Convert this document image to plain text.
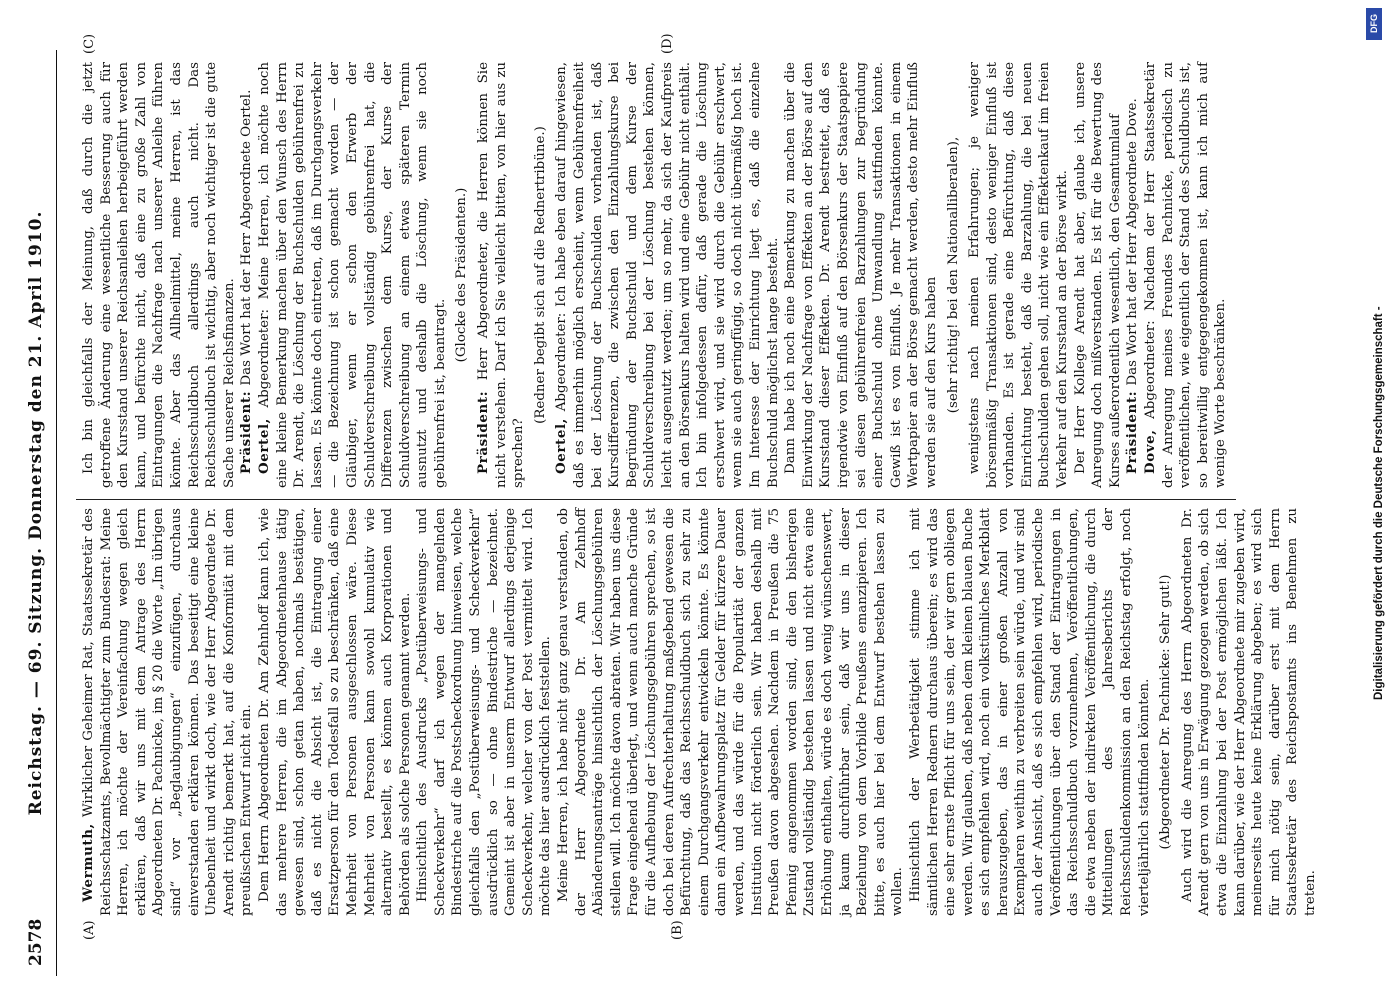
2578
Reichstag. — 69. Sitzung. Donnerstag den 21. April 1910.
(A)	(B)
(C)	(D)

Wermuth, Wirklicher Geheimer Rat, Staatssekretär des Reichsschatzamts, Bevollmächtigter zum Bundesrat: Meine Herren, ich möchte der Vereinfachung wegen gleich erklären, daß wir uns mit dem Antrage des Herrn Abgeordneten Dr. Pachnicke, im § 20 die Worte „Im übrigen sind“ vor „Beglaubigungen“ einzufügen, durchaus einverstanden erklären können. Das beseitigt eine kleine Unebenheit und wirkt doch, wie der Herr Abgeordnete Dr. Arendt richtig bemerkt hat, auf die Konformität mit dem preußischen Entwurf nicht ein. Dem Herrn Abgeordneten Dr. Am Zehnhoff kann ich, wie das mehrere Herren, die im Abgeordnetenhause tätig gewesen sind, schon getan haben, nochmals bestätigen, daß es nicht die Absicht ist, die Eintragung einer Ersatzperson für den Todesfall so zu beschränken, daß eine Mehrheit von Personen ausgeschlossen wäre. Diese Mehrheit von Personen kann sowohl kumulativ wie alternativ bestellt, es können auch Korporationen und Behörden als solche Personen genannt werden. Hinsichtlich des Ausdrucks „Postüberweisungs- und Scheckverkehr“ darf ich wegen der mangelnden Bindestriche auf die Postscheckordnung hinweisen, welche gleichfalls den „Postüberweisungs- und Scheckverkehr“ ausdrücklich so — ohne Bindestriche — bezeichnet. Gemeint ist aber in unserm Entwurf allerdings derjenige Scheckverkehr, welcher von der Post vermittelt wird. Ich möchte das hier ausdrücklich feststellen. Meine Herren, ich habe nicht ganz genau verstanden, ob der Herr Abgeordnete Dr. Am Zehnhoff Abänderungsanträge hinsichtlich der Löschungsgebühren stellen will. Ich möchte davon abraten. Wir haben uns diese Frage eingehend überlegt, und wenn auch manche Gründe für die Aufhebung der Löschungsgebühren sprechen, so ist doch bei deren Aufrechterhaltung maßgebend gewesen die Befürchtung, daß das Reichsschuldbuch sich zu sehr zu einem Durchgangsverkehr entwickeln könnte. Es könnte dann ein Aufbewahrungsplatz für Gelder für kürzere Dauer werden, und das würde für die Popularität der ganzen Institution nicht förderlich sein. Wir haben deshalb mit Preußen davon abgesehen. Nachdem in Preußen die 75 Pfennig angenommen worden sind, die den bisherigen Zustand vollständig bestehen lassen und nicht etwa eine Erhöhung enthalten, würde es doch wenig wünschenswert, ja kaum durchführbar sein, daß wir uns in dieser Beziehung von dem Vorbilde Preußens emanzipieren. Ich bitte, es auch hier bei dem Entwurf bestehen lassen zu wollen. Hinsichtlich der Werbetätigkeit stimme ich mit sämtlichen Herren Rednern durchaus überein; es wird das eine sehr ernste Pflicht für uns sein, der wir gern obliegen werden. Wir glauben, daß neben dem kleinen blauen Buche es sich empfehlen wird, noch ein volkstümliches Merkblatt herauszugeben, das in einer großen Anzahl von Exemplaren weithin zu verbreiten sein würde, und wir sind auch der Ansicht, daß es sich empfehlen wird, periodische Veröffentlichungen über den Stand der Eintragungen in das Reichsschuldbuch vorzunehmen, Veröffentlichungen, die etwa neben der indirekten Veröffentlichung, die durch Mitteilungen des Jahresberichts der Reichsschuldenkommission an den Reichstag erfolgt, noch vierteljährlich stattfinden könnten. (Abgeordneter Dr. Pachnicke: Sehr gut!) Auch wird die Anregung des Herrn Abgeordneten Dr. Arendt gern von uns in Erwägung gezogen werden, ob sich etwa die Einzahlung bei der Post ermöglichen läßt. Ich kann darüber, wie der Herr Abgeordnete mir zugeben wird, meinerseits heute keine Erklärung abgeben; es wird sich für mich nötig sein, darüber erst mit dem Herrn Staatssekretär des Reichspostamts ins Benehmen zu treten.

Ich bin gleichfalls der Meinung, daß durch die jetzt getroffene Änderung eine wesentliche Besserung auch für den Kursstand unserer Reichsanleihen herbeigeführt werden kann, und befürchte nicht, daß eine zu große Zahl von Eintragungen die Nachfrage nach unserer Anleihe führen könnte. Aber das Allheilmittel, meine Herren, ist das Reichsschuldbuch allerdings auch nicht. Das Reichsschuldbuch ist wichtig, aber noch wichtiger ist die gute Sache unserer Reichsfinanzen. Präsident: Das Wort hat der Herr Abgeordnete Oertel.

Oertel, Abgeordneter: Meine Herren, ich möchte noch eine kleine Bemerkung machen über den Wunsch des Herrn Dr. Arendt, die Löschung der Buchschulden gebührenfrei zu lassen. Es könnte doch eintreten, daß im Durchgangsverkehr — die Bezeichnung ist schon gemacht worden — der Gläubiger, wenn er schon den Erwerb der Schuldverschreibung vollständig gebührenfrei hat, die Differenzen zwischen dem Kurse, der Kurse der Schuldverschreibung an einem etwas späteren Termin ausnutzt und deshalb die Löschung, wenn sie noch gebührenfrei ist, beantragt.

(Glocke des Präsidenten.)

Präsident: Herr Abgeordneter, die Herren können Sie nicht verstehen. Darf ich Sie vielleicht bitten, von hier aus zu sprechen?

(Redner begibt sich auf die Rednertribüne.)

Oertel, Abgeordneter: Ich habe eben darauf hingewiesen, daß es immerhin möglich erscheint, wenn Gebührenfreiheit bei der Löschung der Buchschulden vorhanden ist, daß Kursdifferenzen, die zwischen den Einzahlungskurse bei Begründung der Buchschuld und dem Kurse der Schuldverschreibung bei der Löschung bestehen können, leicht ausgenutzt werden; um so mehr, da sich der Kaufpreis an den Börsenkurs halten wird und eine Gebühr nicht enthält. Ich bin infolgedessen dafür, daß gerade die Löschung erschwert wird, und sie wird durch die Gebühr erschwert, wenn sie auch geringfügig, so doch nicht übermäßig hoch ist. Im Interesse der Einrichtung liegt es, daß die einzelne Buchschuld möglichst lange besteht. Dann habe ich noch eine Bemerkung zu machen über die Einwirkung der Nachfrage von Effekten an der Börse auf den Kursstand dieser Effekten. Dr. Arendt bestreitet, daß es irgendwie von Einfluß auf den Börsenkurs der Staatspapiere sei diesen gebührenfreien Barzahlungen zur Begründung einer Buchschuld ohne Umwandlung stattfinden könnte. Gewiß ist es von Einfluß. Je mehr Transaktionen in einem Wertpapier an der Börse gemacht werden, desto mehr Einfluß werden sie auf den Kurs haben (sehr richtig! bei den Nationalliberalen), wenigstens nach meinen Erfahrungen; je weniger börsenmäßig Transaktionen sind, desto weniger Einfluß ist vorhanden. Es ist gerade eine Befürchtung, daß diese Einrichtung besteht, daß die Barzahlung, die bei neuen Buchschulden gehen soll, nicht wie ein Effektenkauf im freien Verkehr auf den Kursstand an der Börse wirkt. Der Herr Kollege Arendt hat aber, glaube ich, unsere Anregung doch mißverstanden. Es ist für die Bewertung des Kurses außerordentlich wesentlich, den Gesamtumlauf Präsident: Das Wort hat der Herr Abgeordnete Dove.

Dove, Abgeordneter: Nachdem der Herr Staatssekretär der Anregung meines Freundes Pachnicke, periodisch zu veröffentlichen, wie eigentlich der Stand des Schuldbuchs ist, so bereitwillig entgegengekommen ist, kann ich mich auf wenige Worte beschränken.

DFG
Digitalisierung gefördert durch die Deutsche Forschungsgemeinschaft -
